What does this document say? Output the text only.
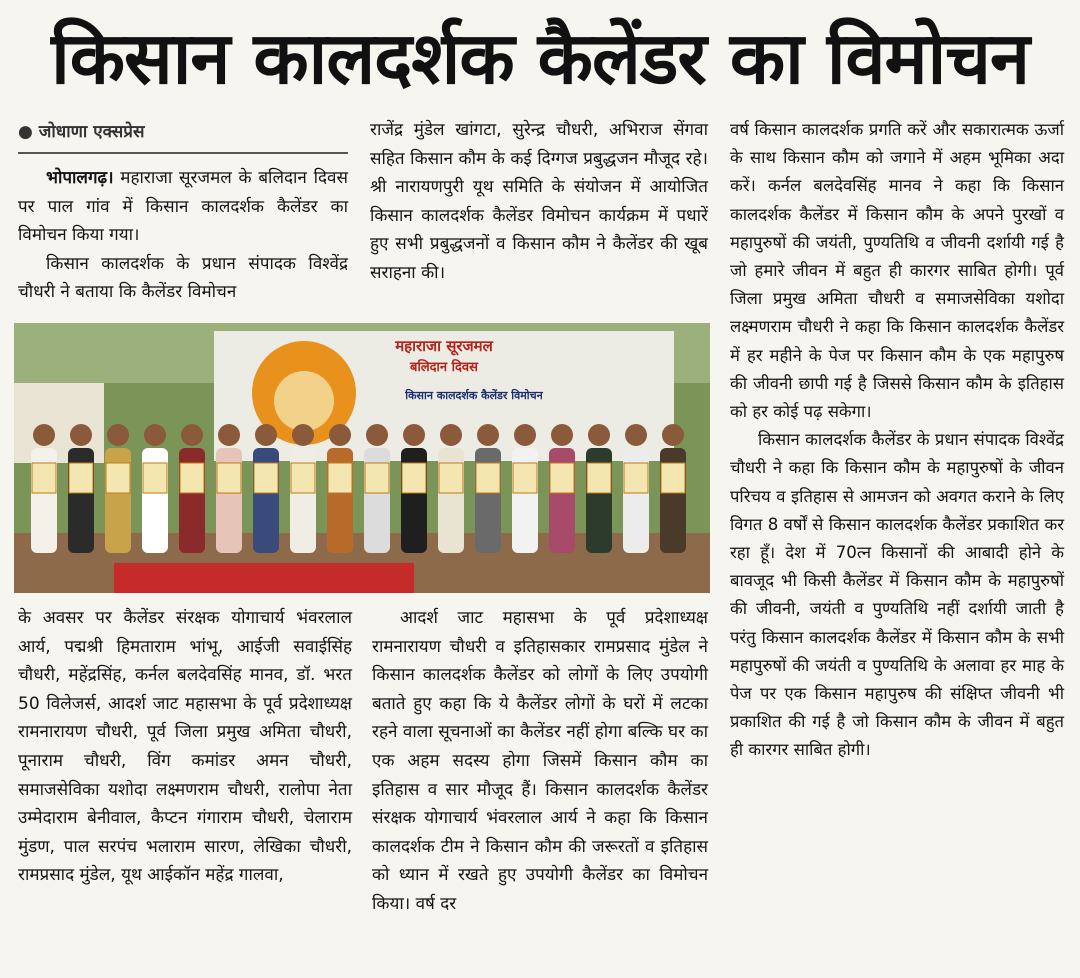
किसान कालदर्शक कैलेंडर का विमोचन
● जोधाणा एक्सप्रेस

भोपालगढ़। महाराजा सूरजमल के बलिदान दिवस पर पाल गांव में किसान कालदर्शक कैलेंडर का विमोचन किया गया।

किसान कालदर्शक के प्रधान संपादक विश्वेंद्र चौधरी ने बताया कि कैलेंडर विमोचन

राजेंद्र मुंडेल खांगटा, सुरेन्द्र चौधरी, अभिराज सेंगवा सहित किसान कौम के कई दिग्गज प्रबुद्धजन मौजूद रहे। श्री नारायणपुरी यूथ समिति के संयोजन में आयोजित किसान कालदर्शक कैलेंडर विमोचन कार्यक्रम में पधारें हुए सभी प्रबुद्धजनों व किसान कौम ने कैलेंडर की खूब सराहना की।

वर्ष किसान कालदर्शक प्रगति करें और सकारात्मक ऊर्जा के साथ किसान कौम को जगाने में अहम भूमिका अदा करें। कर्नल बलदेवसिंह मानव ने कहा कि किसान कालदर्शक कैलेंडर में किसान कौम के अपने पुरखों व महापुरुषों की जयंती, पुण्यतिथि व जीवनी दर्शायी गई है जो हमारे जीवन में बहुत ही कारगर साबित होगी। पूर्व जिला प्रमुख अमिता चौधरी व समाजसेविका यशोदा लक्ष्मणराम चौधरी ने कहा कि किसान कालदर्शक कैलेंडर में हर महीने के पेज पर किसान कौम के एक महापुरुष की जीवनी छापी गई है जिससे किसान कौम के इतिहास को हर कोई पढ़ सकेगा।

किसान कालदर्शक कैलेंडर के प्रधान संपादक विश्वेंद्र चौधरी ने कहा कि किसान कौम के महापुरुषों के जीवन परिचय व इतिहास से आमजन को अवगत कराने के लिए विगत 8 वर्षों से किसान कालदर्शक कैलेंडर प्रकाशित कर रहा हूँ। देश में 70त्न किसानों की आबादी होने के बावजूद भी किसी कैलेंडर में किसान कौम के महापुरुषों की जीवनी, जयंती व पुण्यतिथि नहीं दर्शायी जाती है परंतु किसान कालदर्शक कैलेंडर में किसान कौम के सभी महापुरुषों की जयंती व पुण्यतिथि के अलावा हर माह के पेज पर एक किसान महापुरुष की संक्षिप्त जीवनी भी प्रकाशित की गई है जो किसान कौम के जीवन में बहुत ही कारगर साबित होगी।

महाराजा सूरजमल
बलिदान दिवस
किसान कालदर्शक कैलेंडर विमोचन

के अवसर पर कैलेंडर संरक्षक योगाचार्य भंवरलाल आर्य, पद्मश्री हिमताराम भांभू, आईजी सवाईसिंह चौधरी, महेंद्रसिंह, कर्नल बलदेवसिंह मानव, डॉ. भरत 50 विलेजर्स, आदर्श जाट महासभा के पूर्व प्रदेशाध्यक्ष रामनारायण चौधरी, पूर्व जिला प्रमुख अमिता चौधरी, पूनाराम चौधरी, विंग कमांडर अमन चौधरी, समाजसेविका यशोदा लक्ष्मणराम चौधरी, रालोपा नेता उम्मेदाराम बेनीवाल, कैप्टन गंगाराम चौधरी, चेलाराम मुंडण, पाल सरपंच भलाराम सारण, लेखिका चौधरी, रामप्रसाद मुंडेल, यूथ आईकॉन महेंद्र गालवा,

आदर्श जाट महासभा के पूर्व प्रदेशाध्यक्ष रामनारायण चौधरी व इतिहासकार रामप्रसाद मुंडेल ने किसान कालदर्शक कैलेंडर को लोगों के लिए उपयोगी बताते हुए कहा कि ये कैलेंडर लोगों के घरों में लटका रहने वाला सूचनाओं का कैलेंडर नहीं होगा बल्कि घर का एक अहम सदस्य होगा जिसमें किसान कौम का इतिहास व सार मौजूद हैं। किसान कालदर्शक कैलेंडर संरक्षक योगाचार्य भंवरलाल आर्य ने कहा कि किसान कालदर्शक टीम ने किसान कौम की जरूरतों व इतिहास को ध्यान में रखते हुए उपयोगी कैलेंडर का विमोचन किया। वर्ष दर
